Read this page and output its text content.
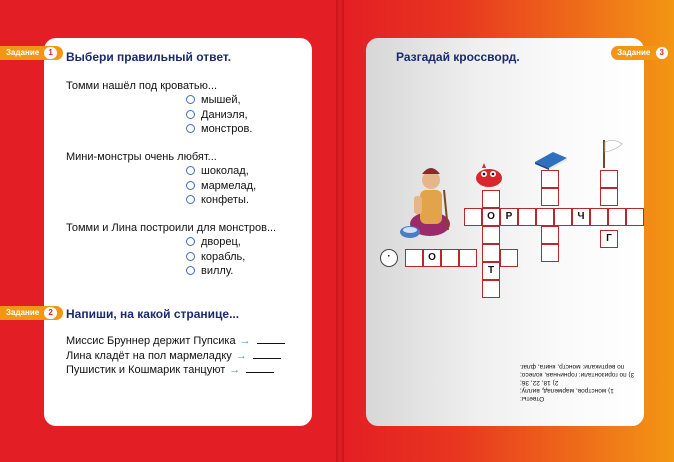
Задание 1	Выбери правильный ответ.
Томми нашёл под кроватью...
мышей,
Даниэля,
монстров.
Мини-монстры очень любят...
шоколад,
мармелад,
конфеты.
Томми и Лина построили для монстров...
дворец,
корабль,
виллу.
Задание 2	Напиши, на какой странице...
Миссис Бруннер держит Пупсика →
Лина кладёт на пол мармеладку →
Пушистик и Кошмарик танцуют →
Задание 3
Разгадай кроссворд.
·
О	Р	Ч
Т
Г
О
Ответы:
1) монстров, мармелад, виллу;
2) 18, 22, 36;
3) по горизонтали: горничная, колесо;
по вертикали: монстр, книга, флаг.
